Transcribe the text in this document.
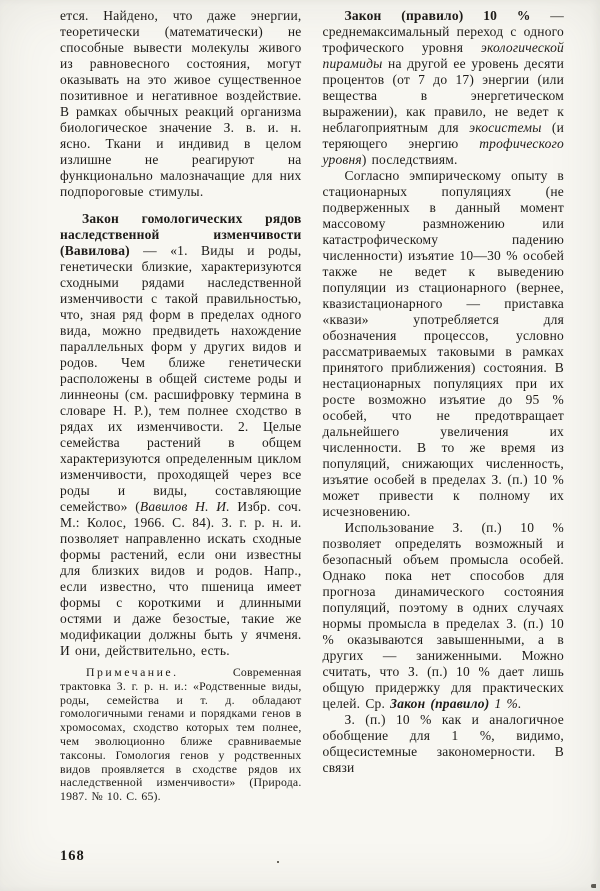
ется. Найдено, что даже энергии, теоретически (математически) не способные вывести молекулы живого из равновесного состояния, могут оказывать на это живое существенное позитивное и негативное воздействие. В рамках обычных реакций организма биологическое значение З. в. и. н. ясно. Ткани и индивид в целом излишне не реагируют на функционально малозначащие для них подпороговые стимулы.

Закон гомологических рядов наследственной изменчивости (Вавилова) — «1. Виды и роды, генетически близкие, характеризуются сходными рядами наследственной изменчивости с такой правильностью, что, зная ряд форм в пределах одного вида, можно предвидеть нахождение параллельных форм у других видов и родов. Чем ближе генетически расположены в общей системе роды и линнеоны (см. расшифровку термина в словаре Н. Р.), тем полнее сходство в рядах их изменчивости. 2. Целые семейства растений в общем характеризуются определенным циклом изменчивости, проходящей через все роды и виды, составляющие семейство» (Вавилов Н. И. Избр. соч. М.: Колос, 1966. С. 84). З. г. р. н. и. позволяет направленно искать сходные формы растений, если они известны для близких видов и родов. Напр., если известно, что пшеница имеет формы с короткими и длинными остями и даже безостые, такие же модификации должны быть у ячменя. И они, действительно, есть.

Примечание. Современная трактовка З. г. р. н. и.: «Родственные виды, роды, семейства и т. д. обладают гомологичными генами и порядками генов в хромосомах, сходство которых тем полнее, чем эволюционно ближе сравниваемые таксоны. Гомология генов у родственных видов проявляется в сходстве рядов их наследственной изменчивости» (Природа. 1987. № 10. С. 65).

Закон (правило) 10 % — среднемаксимальный переход с одного трофического уровня экологической пирамиды на другой ее уровень десяти процентов (от 7 до 17) энергии (или вещества в энергетическом выражении), как правило, не ведет к неблагоприятным для экосистемы (и теряющего энергию трофического уровня) последствиям.

Согласно эмпирическому опыту в стационарных популяциях (не подверженных в данный момент массовому размножению или катастрофическому падению численности) изъятие 10—30 % особей также не ведет к выведению популяции из стационарного (вернее, квазистационарного — приставка «квази» употребляется для обозначения процессов, условно рассматриваемых таковыми в рамках принятого приближения) состояния. В нестационарных популяциях при их росте возможно изъятие до 95 % особей, что не предотвращает дальнейшего увеличения их численности. В то же время из популяций, снижающих численность, изъятие особей в пределах З. (п.) 10 % может привести к полному их исчезновению.

Использование З. (п.) 10 % позволяет определять возможный и безопасный объем промысла особей. Однако пока нет способов для прогноза динамического состояния популяций, поэтому в одних случаях нормы промысла в пределах З. (п.) 10 % оказываются завышенными, а в других — заниженными. Можно считать, что З. (п.) 10 % дает лишь общую придержку для практических целей. Ср. Закон (правило) 1 %.

З. (п.) 10 % как и аналогичное обобщение для 1 %, видимо, общесистемные закономерности. В связи

168
